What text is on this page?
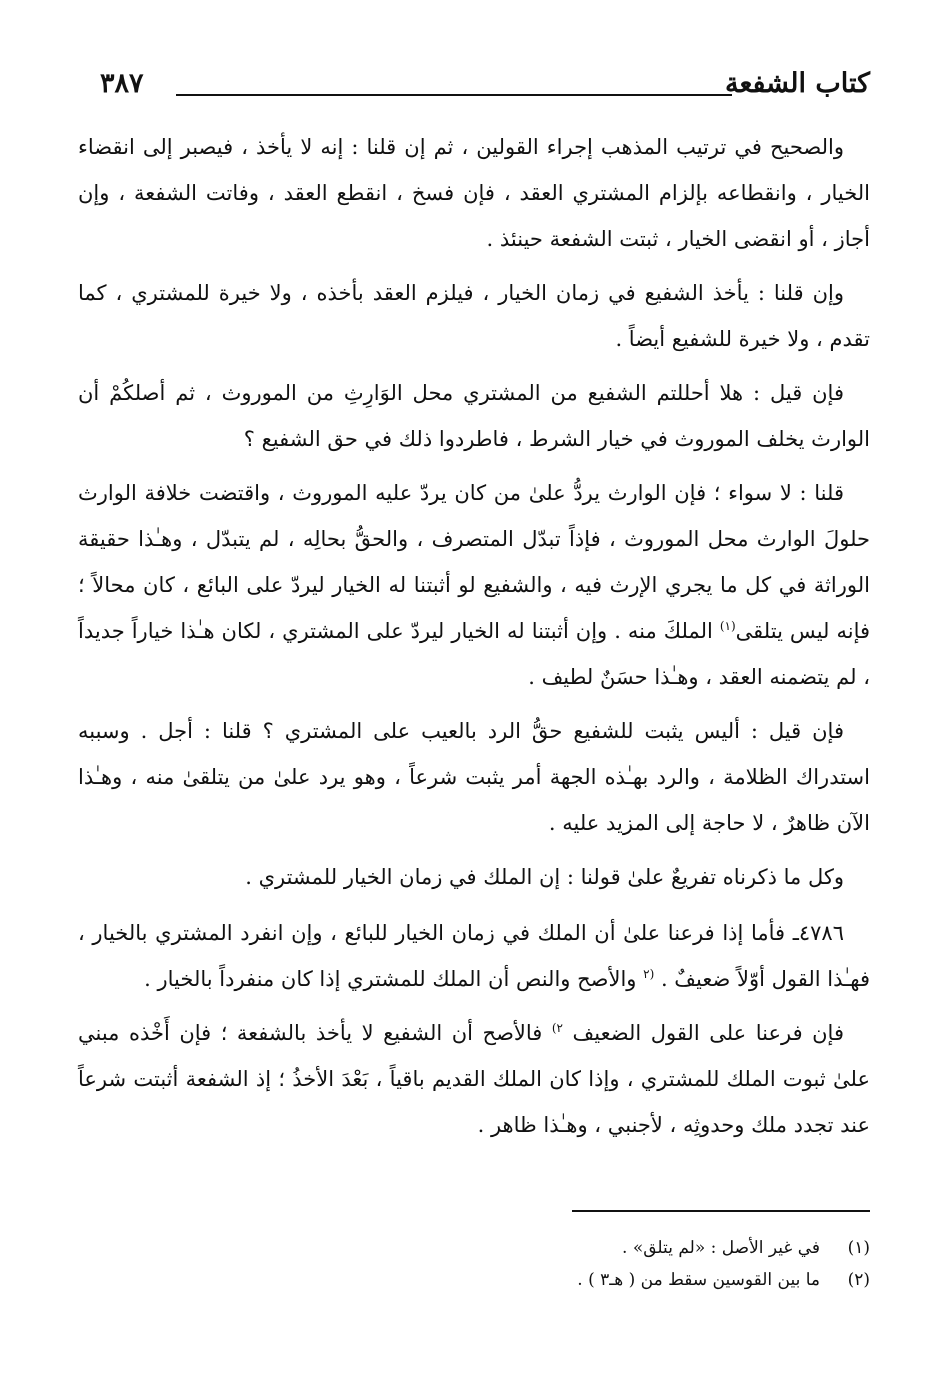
كتاب الشفعة
٣٨٧

والصحيح في ترتيب المذهب إجراء القولين ، ثم إن قلنا : إنه لا يأخذ ، فيصبر إلى انقضاء الخيار ، وانقطاعه بإلزام المشتري العقد ، فإن فسخ ، انقطع العقد ، وفاتت الشفعة ، وإن أجاز ، أو انقضى الخيار ، ثبتت الشفعة حينئذ .

وإن قلنا : يأخذ الشفيع في زمان الخيار ، فيلزم العقد بأخذه ، ولا خيرة للمشتري ، كما تقدم ، ولا خيرة للشفيع أيضاً .

فإن قيل : هلا أحللتم الشفيع من المشتري محل الوَارِثِ من الموروث ، ثم أصلكُمْ أن الوارث يخلف الموروث في خيار الشرط ، فاطردوا ذلك في حق الشفيع ؟

قلنا : لا سواء ؛ فإن الوارث يردُّ علىٰ من كان يردّ عليه الموروث ، واقتضت خلافة الوارث حلولَ الوارث محل الموروث ، فإذاً تبدّل المتصرف ، والحقُّ بحالِه ، لم يتبدّل ، وهـٰذا حقيقة الوراثة في كل ما يجري الإرث فيه ، والشفيع لو أثبتنا له الخيار ليردّ على البائع ، كان محالاً ؛ فإنه ليس يتلقى$^{(١)}$ الملكَ منه . وإن أثبتنا له الخيار ليردّ على المشتري ، لكان هـٰذا خياراً جديداً ، لم يتضمنه العقد ، وهـٰذا حسَنٌ لطيف .

فإن قيل : أليس يثبت للشفيع حقُّ الرد بالعيب على المشتري ؟ قلنا : أجل . وسببه استدراك الظلامة ، والرد بهـٰذه الجهة أمر يثبت شرعاً ، وهو يرد علىٰ من يتلقىٰ منه ، وهـٰذا الآن ظاهرٌ ، لا حاجة إلى المزيد عليه .

وكل ما ذكرناه تفريعٌ علىٰ قولنا : إن الملك في زمان الخيار للمشتري .

٤٧٨٦ـ فأما إذا فرعنا علىٰ أن الملك في زمان الخيار للبائع ، وإن انفرد المشتري بالخيار ، فهـٰذا القول أوّلاً ضعيفٌ . $^{(٢}$ والأصح والنص أن الملك للمشتري إذا كان منفرداً بالخيار .

فإن فرعنا على القول الضعيف $^{٢)}$ فالأصح أن الشفيع لا يأخذ بالشفعة ؛ فإن أَخْذه مبني علىٰ ثبوت الملك للمشتري ، وإذا كان الملك القديم باقياً ، بَعْدَ الأخذُ ؛ إذ الشفعة أثبتت شرعاً عند تجدد ملك وحدوثِه ، لأجنبي ، وهـٰذا ظاهر .

(١)في غير الأصل : «لم يتلق» .
(٢)ما بين القوسين سقط من ( هـ٣ ) .
